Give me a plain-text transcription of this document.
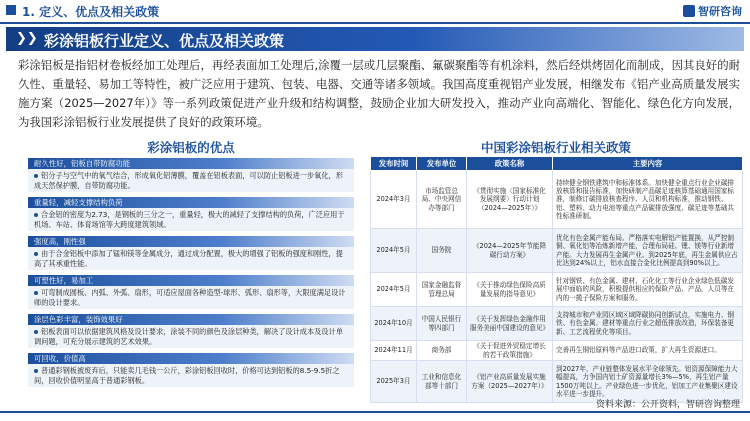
1. 定义、优点及相关政策	智研咨询
❯❯ 彩涂铝板行业定义、优点及相关政策
彩涂铝板是指铝材卷板经加工处理后，再经表面加工处理后,涂覆一层或几层聚酯、氟碳聚酯等有机涂料，然后经烘烤固化而制成，因其良好的耐久性、重量轻、易加工等特性，被广泛应用于建筑、包装、电器、交通等诸多领域。我国高度重视铝产业发展，相继发布《铝产业高质量发展实施方案（2025—2027年）》等一系列政策促进产业升级和结构调整，鼓励企业加大研发投入，推动产业向高端化、智能化、绿色化方向发展，为我国彩涂铝板行业发展提供了良好的政策环境。
彩涂铝板的优点	中国彩涂铝板行业相关政策
耐久性好，铝板自带防腐功能
铝分子与空气中的氧气结合，形成氧化铝薄膜，覆盖在铝板表面，可以防止铝板进一步氧化，形成天然保护膜，自带防腐功能。
重量轻，减轻支撑结构负荷
合金铝的密度为2.73，是钢板的三分之一，重量轻，极大的减轻了支撑结构的负荷，广泛应用于机场、车站、体育场馆等大跨度建筑领域。
强度高，刚性强
由于合金铝板中添加了锰和镁等金属成分，通过成分配置，极大的增强了铝板的强度和刚性，提高了其承重性能。
可塑性好，易加工
可弯制成圆板、内弧、外弧、扇形，可适应屋面各种造型-球形、弧形、扇形等，大限度满足设计师的设计要求。
涂层色彩丰富，装饰效果好
铝板表面可以依据建筑风格及设计要求，涂装不同的颜色及涂层种类，解决了设计成本及设计单调问题，可充分展示建筑的艺术效果。
可回收，价值高
普通彩钢板被废弃后，只能卖几毛钱一公斤，彩涂铝板回收时，价格可达到铝板的8.5-9.5折之间，回收价值明显高于普通彩钢板。
发布时间	发布单位	政策名称	主要内容
2024年3月	市场监管总局、中央网信办等部门	《贯彻实施〈国家标准化发展纲要〉行动计划（2024—2025年）》	持续健全钢铁建筑中和标准体系。加快健全重点行业企业碳排放核算和报告标准，加快研制产品碳足迹核算基础通用国家标准，制修订碳排放核查程序、人员和机构标准，推动钢铁、铝、塑料、动力电池等重点产品碳排放强度、碳足迹等基础共性标准研制。
2024年5月	国务院	《2024—2025年节能降碳行动方案》	优化有色金属产能布局。严格落实电解铝产能置换，从严控制铜、氧化铝等冶炼新增产能，合理布局硅、锂、镁等行业新增产能。大力发展再生金属产业。到2025年底，再生金属供应占比达到24%以上，铝水直接合金化比例提高到90%以上。
2024年5月	国家金融监督管理总局	《关于推动绿色保险高质量发展的指导意见》	针对钢铁、有色金属、建材、石化化工等行业企业绿色低碳发展中面临的风险，积极提供相应的保险产品、产品，人员等在内的一揽子保险方案和服务。
2024年10月	中国人民银行等四部门	《关于发挥绿色金融作用服务美丽中国建设的意见》	支持城市和产业园区域区域降碳协同创新试点，实施电力、钢铁、有色金属、建材等重点行业之超低排放改造，环保装备更新、工艺流程优化等项目。
2024年11月	商务部	《关于促进外贸稳定增长的若干政策措施》	完善再生铜铝原料等产品进口政策，扩大再生资源进口。
2025年3月	工业和信息化部等十部门	《铝产业高质量发展实施方案（2025—2027年）》	到2027年，产业链整体发展水平全球领先。铝资源保障能力大幅提高，力争国内铝土矿资源量增长3%—5%，再生铝产量1500万吨以上。产业绿色进一步优化，铝加工产业集聚区建设水平进一步提升。
资料来源：公开资料，智研咨询整理
